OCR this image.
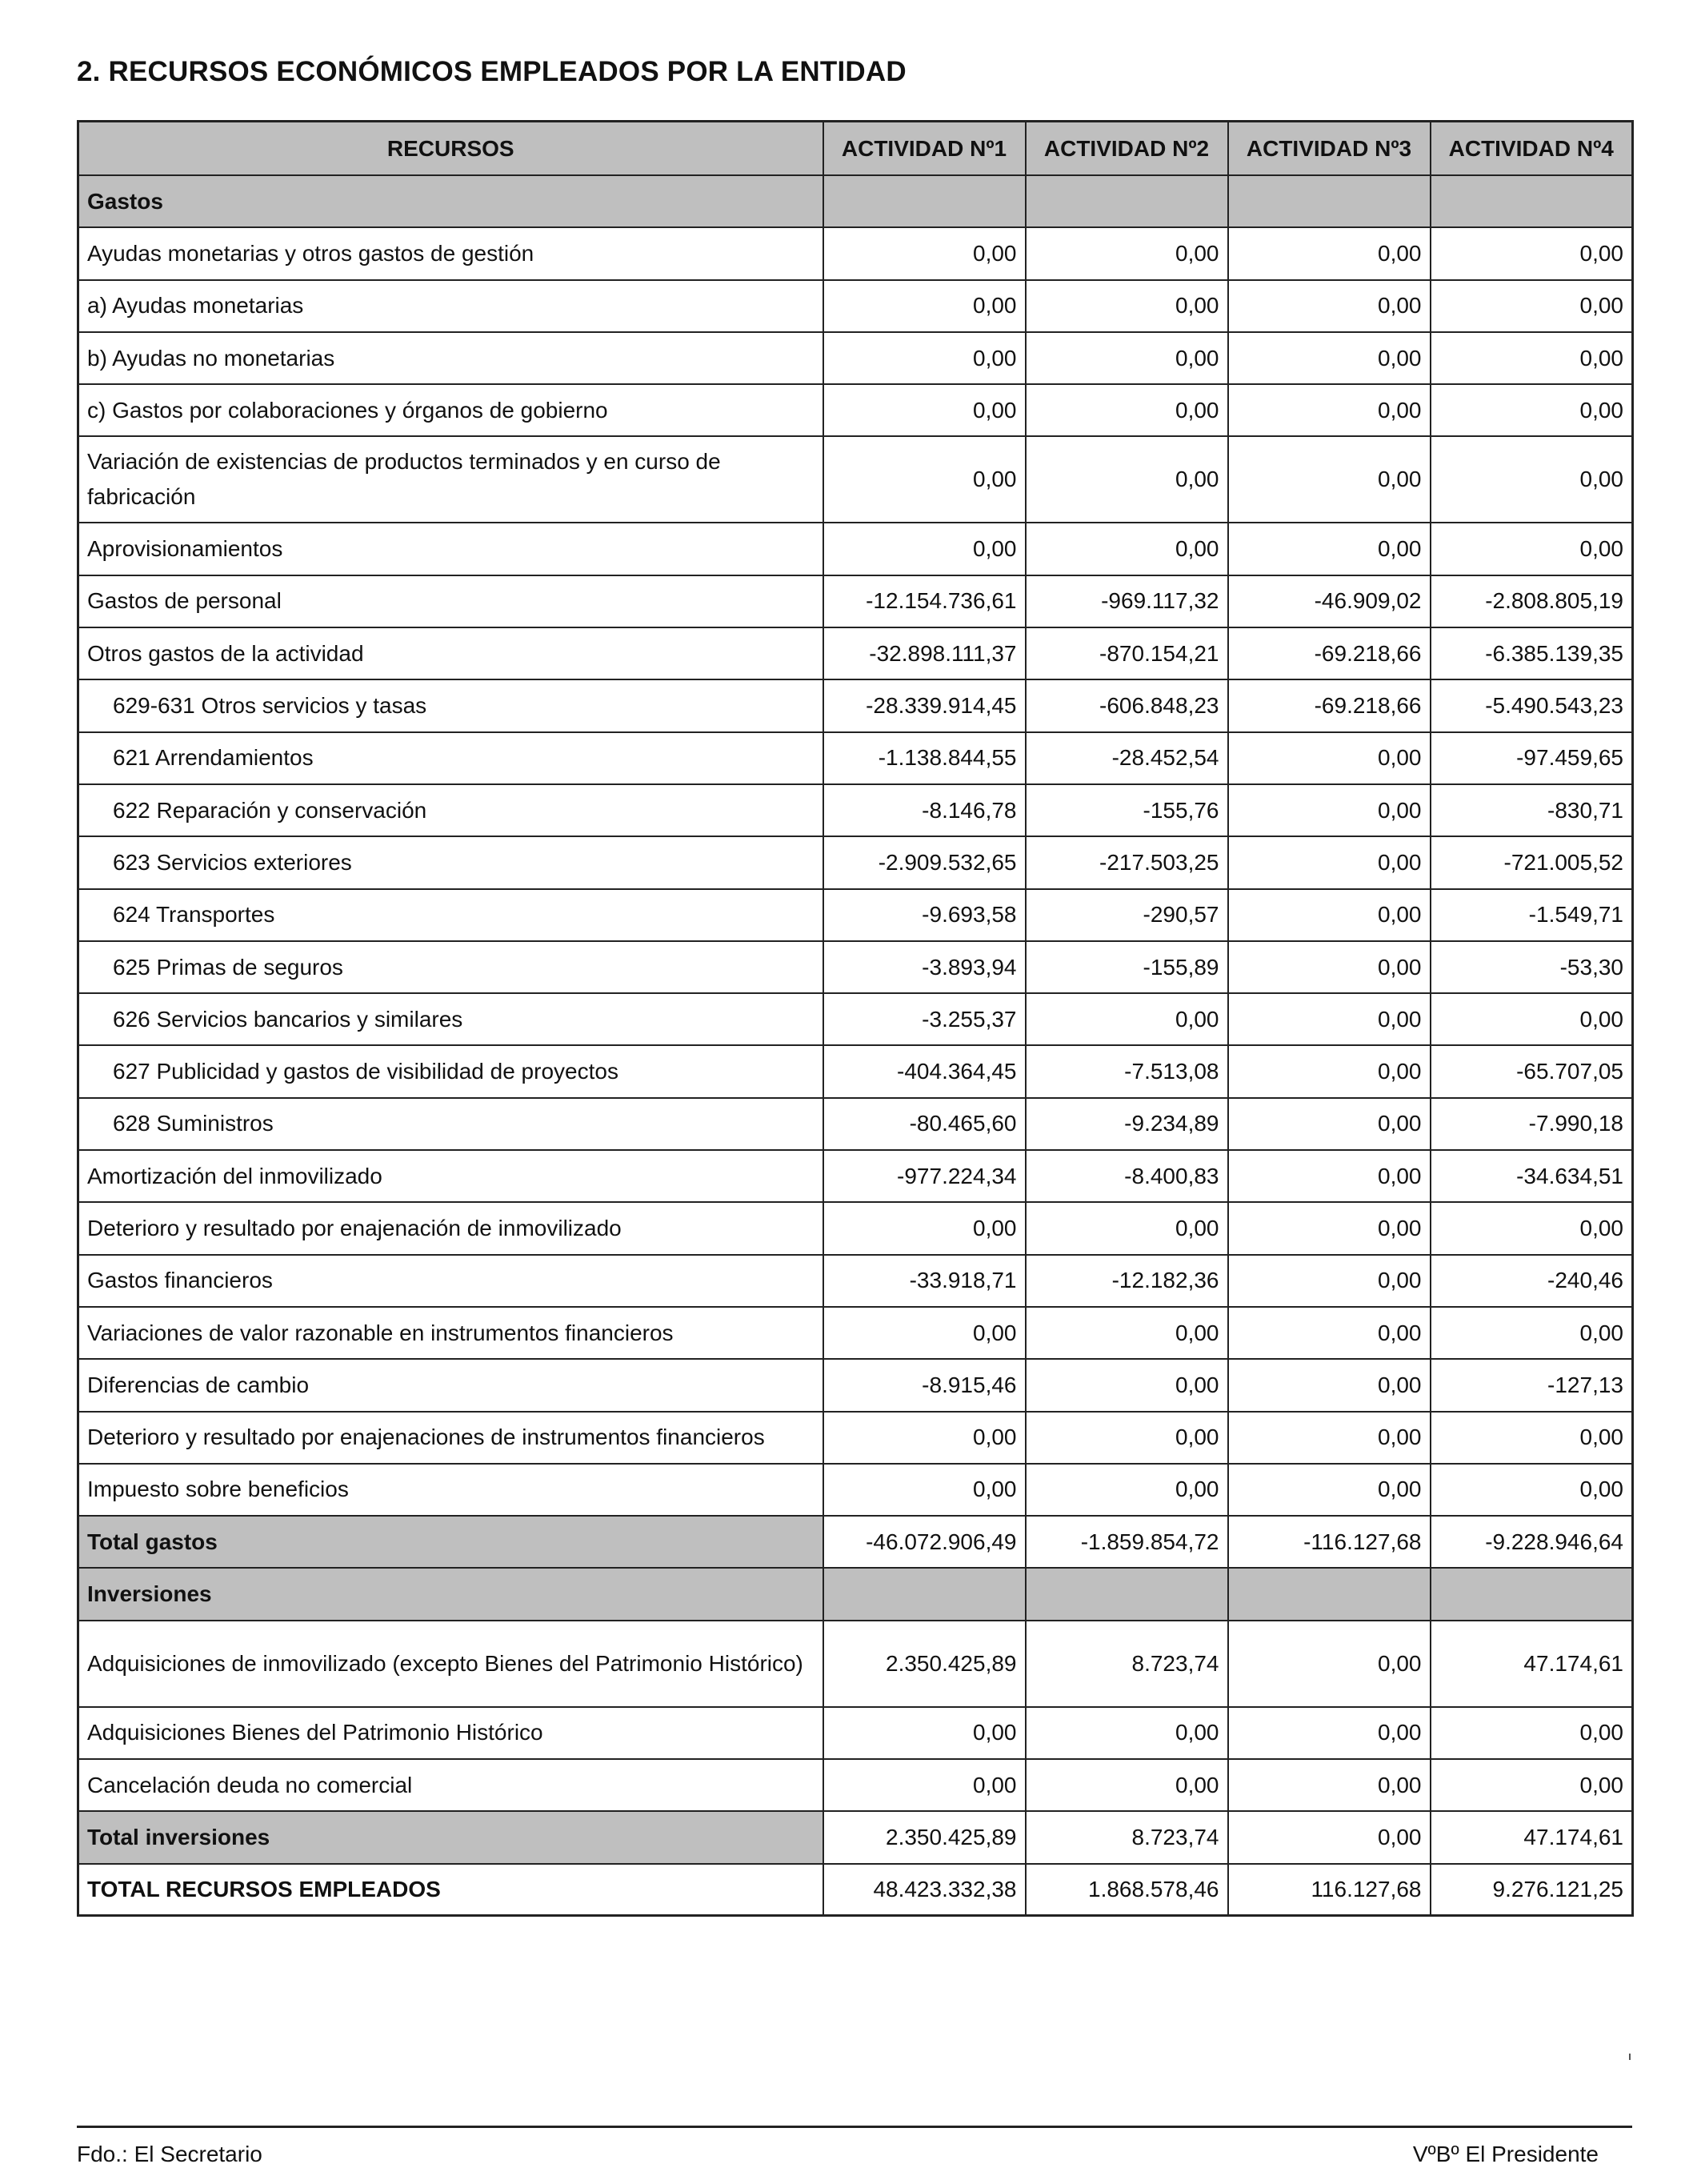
2. RECURSOS ECONÓMICOS EMPLEADOS POR LA ENTIDAD
RECURSOS	ACTIVIDAD Nº1	ACTIVIDAD Nº2	ACTIVIDAD Nº3	ACTIVIDAD Nº4
Gastos				
Ayudas monetarias y otros gastos de gestión	0,00	0,00	0,00	0,00
a) Ayudas monetarias	0,00	0,00	0,00	0,00
b) Ayudas no monetarias	0,00	0,00	0,00	0,00
c) Gastos por colaboraciones y órganos de gobierno	0,00	0,00	0,00	0,00
Variación de existencias de productos terminados y en curso de fabricación	0,00	0,00	0,00	0,00
Aprovisionamientos	0,00	0,00	0,00	0,00
Gastos de personal	-12.154.736,61	-969.117,32	-46.909,02	-2.808.805,19
Otros gastos de la actividad	-32.898.111,37	-870.154,21	-69.218,66	-6.385.139,35
629-631 Otros servicios y tasas	-28.339.914,45	-606.848,23	-69.218,66	-5.490.543,23
621 Arrendamientos	-1.138.844,55	-28.452,54	0,00	-97.459,65
622 Reparación y conservación	-8.146,78	-155,76	0,00	-830,71
623 Servicios exteriores	-2.909.532,65	-217.503,25	0,00	-721.005,52
624 Transportes	-9.693,58	-290,57	0,00	-1.549,71
625 Primas de seguros	-3.893,94	-155,89	0,00	-53,30
626 Servicios bancarios y similares	-3.255,37	0,00	0,00	0,00
627 Publicidad y gastos de visibilidad de proyectos	-404.364,45	-7.513,08	0,00	-65.707,05
628 Suministros	-80.465,60	-9.234,89	0,00	-7.990,18
Amortización del inmovilizado	-977.224,34	-8.400,83	0,00	-34.634,51
Deterioro y resultado por enajenación de inmovilizado	0,00	0,00	0,00	0,00
Gastos financieros	-33.918,71	-12.182,36	0,00	-240,46
Variaciones de valor razonable en instrumentos financieros	0,00	0,00	0,00	0,00
Diferencias de cambio	-8.915,46	0,00	0,00	-127,13
Deterioro y resultado por enajenaciones de instrumentos financieros	0,00	0,00	0,00	0,00
Impuesto sobre beneficios	0,00	0,00	0,00	0,00
Total gastos	-46.072.906,49	-1.859.854,72	-116.127,68	-9.228.946,64
Inversiones				
Adquisiciones de inmovilizado (excepto Bienes del Patrimonio Histórico)	2.350.425,89	8.723,74	0,00	47.174,61
Adquisiciones Bienes del Patrimonio Histórico	0,00	0,00	0,00	0,00
Cancelación deuda no comercial	0,00	0,00	0,00	0,00
Total inversiones	2.350.425,89	8.723,74	0,00	47.174,61
TOTAL RECURSOS EMPLEADOS	48.423.332,38	1.868.578,46	116.127,68	9.276.121,25
Fdo.: El Secretario	VºBº El Presidente
